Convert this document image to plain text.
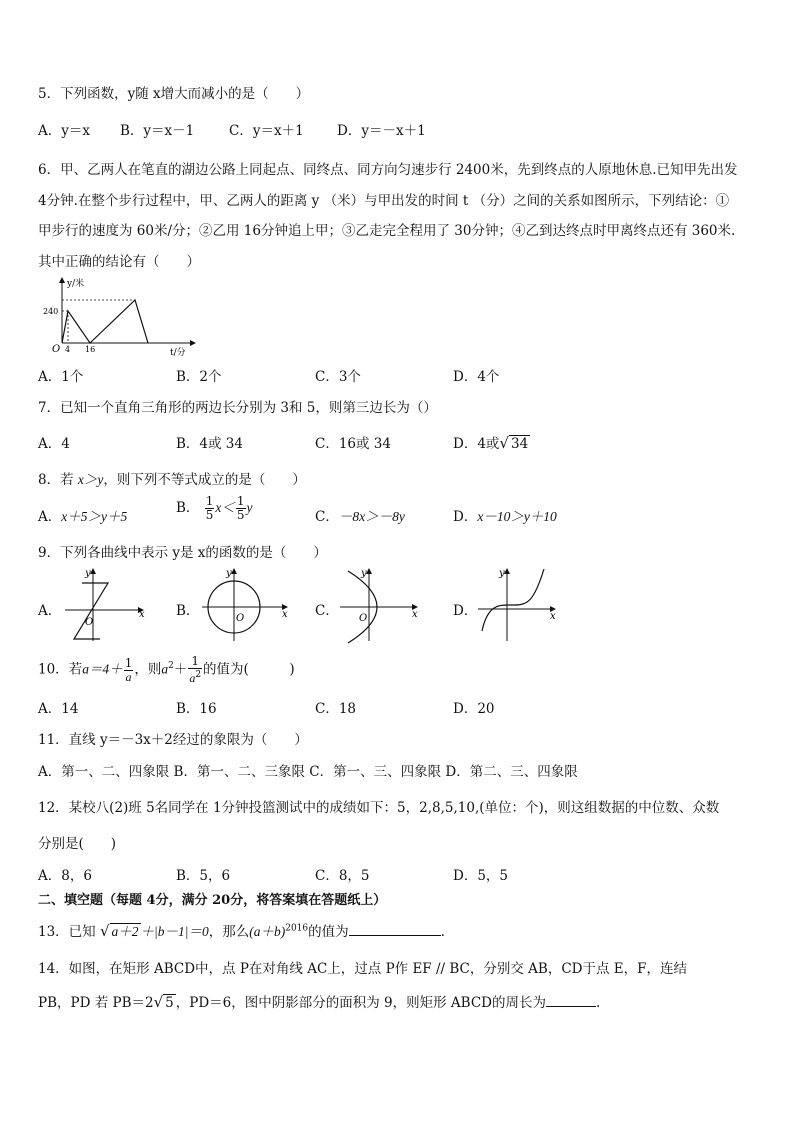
5．下列函数，y随 x增大而减小的是（　　）
A．y＝x B．y＝x－1	C．y＝x＋1 D．y＝－x＋1
6．甲、乙两人在笔直的湖边公路上同起点、同终点、同方向匀速步行 2400米，先到终点的人原地休息.已知甲先出发
4分钟.在整个步行过程中，甲、乙两人的距离 y （米）与甲出发的时间 t （分）之间的关系如图所示，下列结论：①
甲步行的速度为 60米/分；②乙用 16分钟追上甲；③乙走完全程用了 30分钟；④乙到达终点时甲离终点还有 360米.
其中正确的结论有（　　）
y/米
t/分
O
240
4 16
A．1个	B．2个	C．3个	D．4个
7．已知一个直角三角形的两边长分别为 3和 5，则第三边长为（）
A．4	B．4或 34	C．16或 34	D．4或√ 34
8．若 x＞y，则下列不等式成立的是（　　）
A．x＋5＞y＋5
B． $\frac{1}{5} x< \frac{1}{5}$ y
C．－8x＞－8y	D．x－10＞y＋10
9．下列各曲线中表示 y是 x的函数的是（　　）
A．	x
y
O
B．	x
y
O	C．	x
y
O	D．	x
y
10．若$a=4+ \frac{1}{a}$ ，则$a^2+ \frac{1}{a^2}$ 的值为(　　　)
A．14	B．16	C．18	D．20
11．直线 y＝－3x＋2经过的象限为（　　）
A．第一、二、四象限 B．第一、二、三象限 C．第一、三、四象限 D．第二、三、四象限
12．某校八(2)班 5名同学在 1分钟投篮测试中的成绩如下：5，2,8,5,10,(单位：个)，则这组数据的中位数、众数
分别是(　　)
A．8，6	B．5，6	C．8，5	D．5，5
二、填空题（每题 4分，满分 20分，将答案填在答题纸上）
13．已知 √ a＋2 ＋|b－1|＝0，那么$(a+b)^{2016}$的值为	.
14．如图，在矩形 ABCD中，点 P在对角线 AC上，过点 P作 EF // BC，分别交 AB，CD于点 E，F，连结
PB，PD 若 PB＝2√ 5 ，PD＝6，图中阴影部分的面积为 9，则矩形 ABCD的周长为	.
